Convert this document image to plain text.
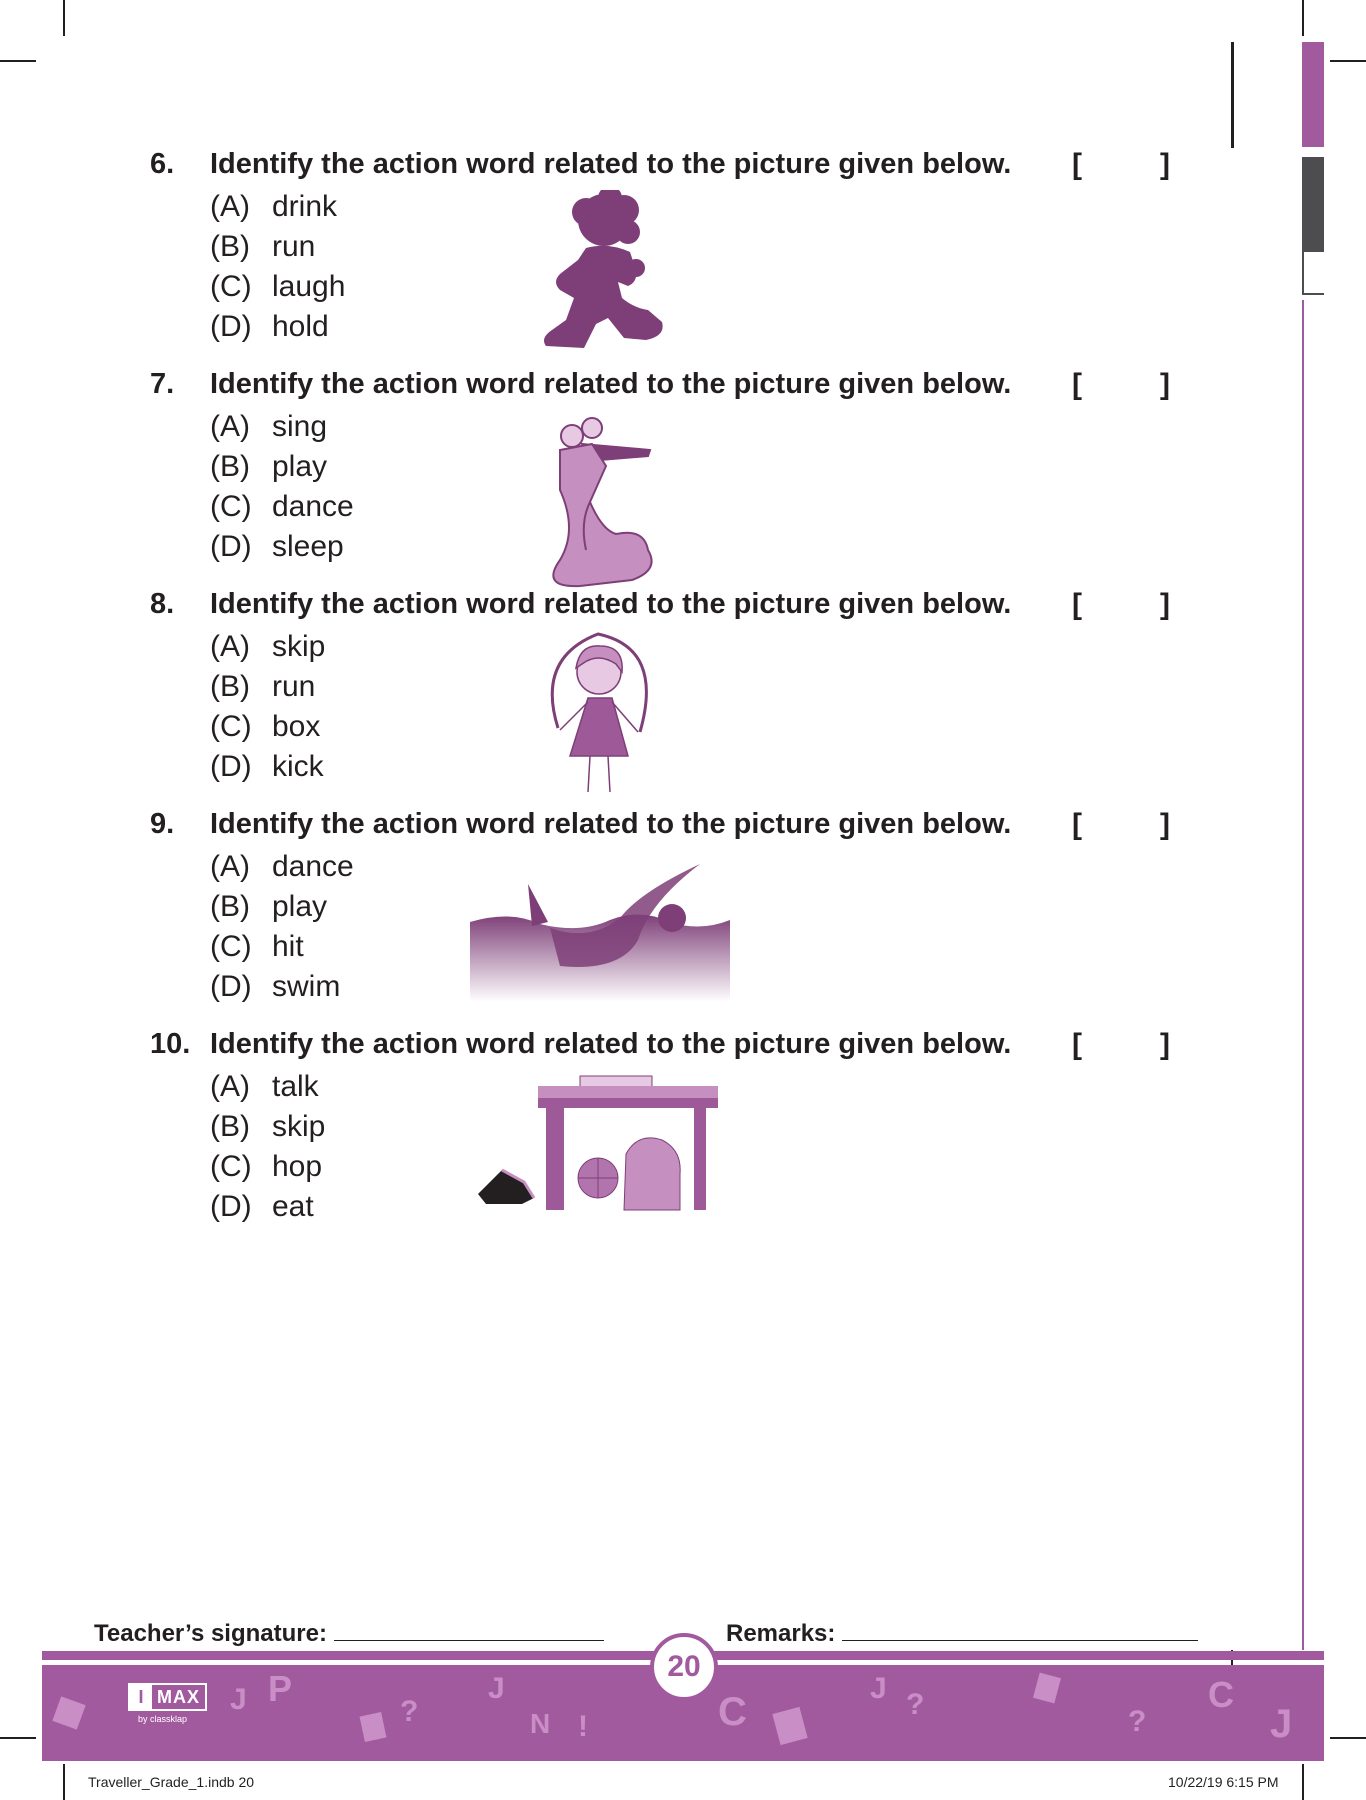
6. Identify the action word related to the picture given below. [	]
(A) drink
(B) run
(C) laugh
(D) hold
7. Identify the action word related to the picture given below. [	]
(A) sing
(B) play
(C) dance
(D) sleep
8. Identify the action word related to the picture given below. [	]
(A) skip
(B) run
(C) box
(D) kick
9. Identify the action word related to the picture given below. [	]
(A) dance
(B) play
(C) hit
(D) swim
10. Identify the action word related to the picture given below. [	]
(A) talk
(B) skip
(C) hop
(D) eat
Teacher’s signature:	Remarks:
J P
?
J
N !	C
J ?
?
C
J
I MAX
by classklap
20
Traveller_Grade_1.indb 20	10/22/19 6:15 PM
